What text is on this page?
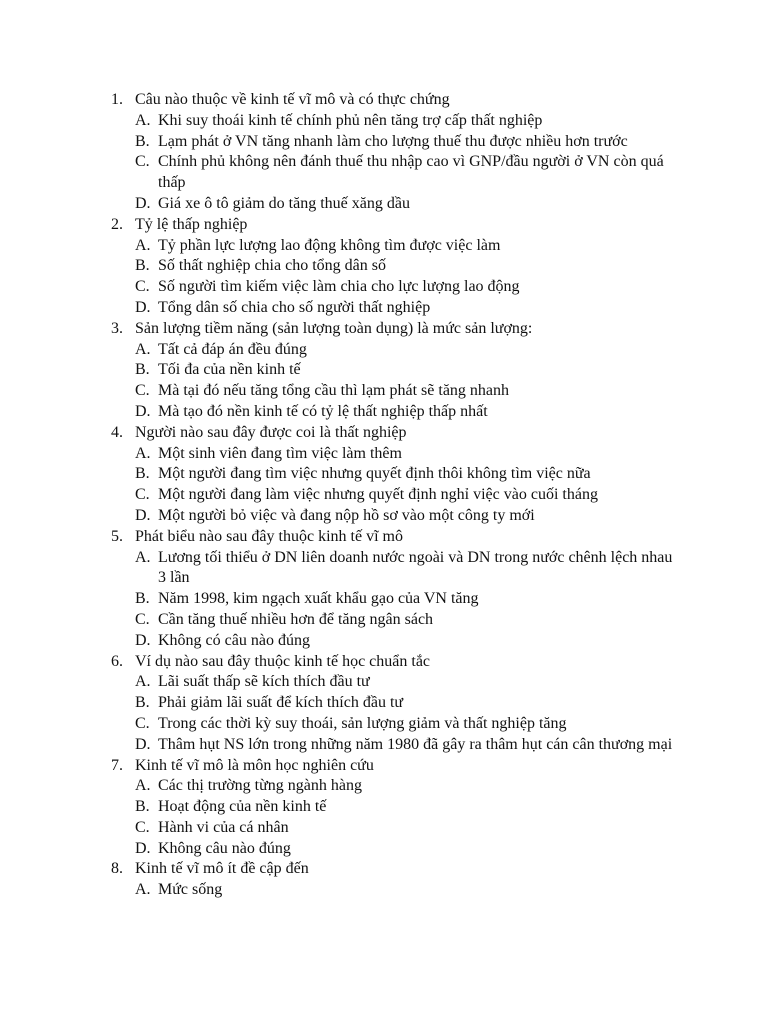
1. Câu nào thuộc về kinh tế vĩ mô và có thực chứng
A. Khi suy thoái kinh tế chính phủ nên tăng trợ cấp thất nghiệp
B. Lạm phát ở VN tăng nhanh làm cho lượng thuế thu được nhiều hơn trước
C. Chính phủ không nên đánh thuế thu nhập cao vì GNP/đầu người ở VN còn quá thấp
D. Giá xe ô tô giảm do tăng thuế xăng dầu
2. Tỷ lệ thấp nghiệp
A. Tỷ phần lực lượng lao động không tìm được việc làm
B. Số thất nghiệp chia cho tổng dân số
C. Số người tìm kiếm việc làm chia cho lực lượng lao động
D. Tổng dân số chia cho số người thất nghiệp
3. Sản lượng tiềm năng (sản lượng toàn dụng) là mức sản lượng:
A. Tất cả đáp án đều đúng
B. Tối đa của nền kinh tế
C. Mà tại đó nếu tăng tổng cầu thì lạm phát sẽ tăng nhanh
D. Mà tạo đó nền kinh tế có tỷ lệ thất nghiệp thấp nhất
4. Người nào sau đây được coi là thất nghiệp
A. Một sinh viên đang tìm việc làm thêm
B. Một người đang tìm việc nhưng quyết định thôi không tìm việc nữa
C. Một người đang làm việc nhưng quyết định nghỉ việc vào cuối tháng
D. Một người bỏ việc và đang nộp hồ sơ vào một công ty mới
5. Phát biểu nào sau đây thuộc kinh tế vĩ mô
A. Lương tối thiểu ở DN liên doanh nước ngoài và DN trong nước chênh lệch nhau 3 lần
B. Năm 1998, kim ngạch xuất khẩu gạo của VN tăng
C. Cần tăng thuế nhiều hơn để tăng ngân sách
D. Không có câu nào đúng
6. Ví dụ nào sau đây thuộc kinh tế học chuẩn tắc
A. Lãi suất thấp sẽ kích thích đầu tư
B. Phải giảm lãi suất để kích thích đầu tư
C. Trong các thời kỳ suy thoái, sản lượng giảm và thất nghiệp tăng
D. Thâm hụt NS lớn trong những năm 1980 đã gây ra thâm hụt cán cân thương mại
7. Kinh tế vĩ mô là môn học nghiên cứu
A. Các thị trường từng ngành hàng
B. Hoạt động của nền kinh tế
C. Hành vi của cá nhân
D. Không câu nào đúng
8. Kinh tế vĩ mô ít đề cập đến
A. Mức sống
